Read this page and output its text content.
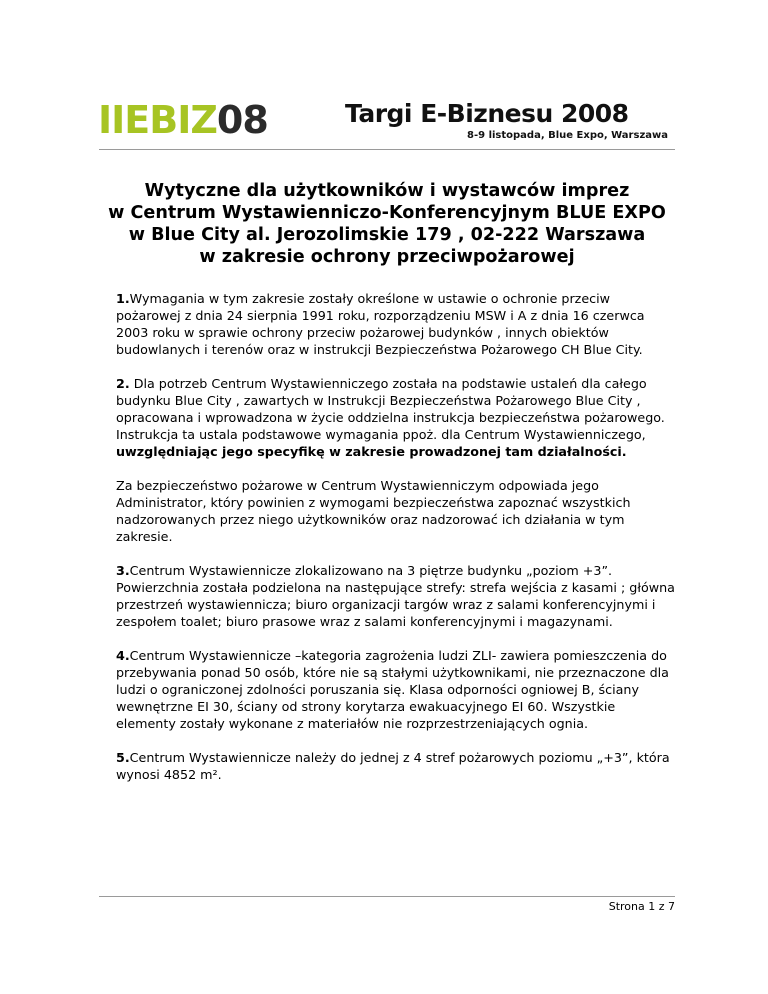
IIEBIZ08	Targi E-Biznesu 2008
8-9 listopada, Blue Expo, Warszawa
Wytyczne dla użytkowników i wystawców imprez
w Centrum Wystawienniczo-Konferencyjnym BLUE EXPO
w Blue City al. Jerozolimskie 179 , 02-222 Warszawa
w zakresie ochrony przeciwpożarowej

1.Wymagania w tym zakresie zostały określone w ustawie o ochronie przeciw pożarowej z dnia 24 sierpnia 1991 roku, rozporządzeniu MSW i A z dnia 16 czerwca 2003 roku w sprawie ochrony przeciw pożarowej budynków , innych obiektów budowlanych i terenów oraz w instrukcji Bezpieczeństwa Pożarowego CH Blue City.

2. Dla potrzeb Centrum Wystawienniczego została na podstawie ustaleń dla całego budynku Blue City , zawartych w Instrukcji Bezpieczeństwa Pożarowego Blue City , opracowana i wprowadzona w życie oddzielna instrukcja bezpieczeństwa pożarowego. Instrukcja ta ustala podstawowe wymagania ppoż. dla Centrum Wystawienniczego, uwzględniając jego specyfikę w zakresie prowadzonej tam działalności.

Za bezpieczeństwo pożarowe w Centrum Wystawienniczym odpowiada jego Administrator, który powinien z wymogami bezpieczeństwa zapoznać wszystkich nadzorowanych przez niego użytkowników oraz nadzorować ich działania w tym zakresie.

3.Centrum Wystawiennicze zlokalizowano na 3 piętrze budynku „poziom +3”. Powierzchnia została podzielona na następujące strefy: strefa wejścia z kasami ; główna przestrzeń wystawiennicza; biuro organizacji targów wraz z salami konferencyjnymi i zespołem toalet; biuro prasowe wraz z salami konferencyjnymi i magazynami.

4.Centrum Wystawiennicze –kategoria zagrożenia ludzi ZLI- zawiera pomieszczenia do przebywania ponad 50 osób, które nie są stałymi użytkownikami, nie przeznaczone dla ludzi o ograniczonej zdolności poruszania się. Klasa odporności ogniowej B, ściany wewnętrzne EI 30, ściany od strony korytarza ewakuacyjnego EI 60. Wszystkie elementy zostały wykonane z materiałów nie rozprzestrzeniających ognia.

5.Centrum Wystawiennicze należy do jednej z 4 stref pożarowych poziomu „+3”, która wynosi 4852 m².

Strona 1 z 7
